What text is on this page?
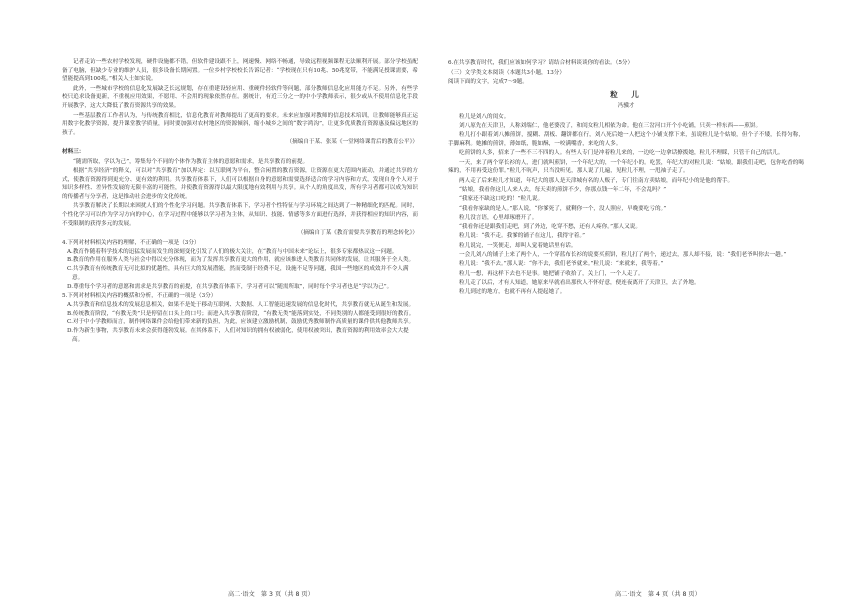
记者走访一些农村学校发现，硬件设施都不错，但软件建设跟不上，网速慢、网络不畅通，导致远程视频课程无法顺利开展。部分学校虽配备了电脑，但缺少专业的维护人员，很多设备长期闲置。一位乡村学校校长告诉记者：“学校现在只有10兆、50兆宽带，不能满足授课需要，希望能提高到100兆。”相关人士如实说。

此外，一些城市学校的信息化发展缺乏长远规划，存在重建设轻应用、重硬件轻软件等问题，部分教师信息化应用能力不足。另外，有些学校只追求设备更新，不重视应用效果，不愿用、不会用的现象依然存在。据统计，有近三分之一的中小学教师表示，很少或从不使用信息化手段开展教学，这大大降低了教育资源共享的效果。

一些基层教育工作者认为，与传统教育相比，信息化教育对教师提出了更高的要求。未来应加强对教师的信息技术培训，让教师能够真正运用数字化教学资源，提升课堂教学质量，同时要加强对农村地区的资源倾斜，缩小城乡之间的“数字鸿沟”，让更多优质教育资源惠及偏远地区的孩子。

（摘编自于某、张某《一堂网络课背后的教育公平》）

材料三：

“随需所取，学以为己”，筹集每个不同的个体作为教育主体的意愿和需求，是共享教育的前提。

根据“共享经济”的释义，可以对“共享教育”加以界定：以互联网为平台，整合闲置的教育资源，让资源在更大范围内流动，并通过共享的方式，使教育资源得到更充分、更有效的利用。共享教育体系下，人们可以根据自身的意愿和需要选择适合的学习内容和方式，发现自身个人对于知识多样性、差异性发展的无限丰富的可能性，并使教育资源得以最大限度地有效利用与共享。从个人的角度出发，所有学习者都可以成为知识的传播者与分享者，这是推动社会进步的文化传统。

共享教育解决了长期以来困扰人们的个性化学习问题。共享教育体系下，学习者个性特征与学习环境之间达到了一种精细化的匹配。同时，个性化学习可以作为学习方向的中心，在学习过程中能够以学习者为主体，从知识、技能、情感等多方面进行选择，并获得相应的知识内容，而不受限制的获得多元的发展。

（摘编自丁某《教育需要共享教育的理念转化》）

4.下列对材料相关内容的理解，不正确的一项是（3分）

A.教育作随着科学技术的迅猛发展而发生的深刻变化引发了人们的极大关注，在“教育与中国未来”论坛上，很多专家都热议这一问题。

B.教育的作用在服务人类与社会中得以充分体现，而为了发挥共享教育更大的作用，就应该推进人类教育共同体的发展，让其服务于全人类。

C.共享教育有传统教育无可比拟的优越性，具有巨大的发展潜能，然而受制于经费不足，设施不足等问题，我国一些地区的成效并不令人满意。

D.尊重每个学习者的意愿和需求是共享教育的前提，在共享教育体系下，学习者可以“随需所取”，同时每个学习者也是“学以为己”。

5.下列对材料相关内容的概括和分析，不正确的一项是（3分）

A.共享教育和信息技术的发展息息相关，如果不是处于移动互联网、大数据、人工智能迅速发展的信息化时代，共享教育就无从诞生和发展。

B.传统教育阶段，“有教无类”只是停留在口头上的口号；而进入共享教育阶段，“有教无类”能落到实处，不同类别的人都能受到很好的教育。

C.对于中小学教师而言，制作网络课件会给他们带来新的负担，为此，应该建立激励机制，鼓励优秀教师制作高质量的课件供其他教师共享。

D.作为新生事物，共享教育未来会获得蓬勃发展。在其体系下，人们对知识的拥有权被弱化，使用权被突出，教育资源的利用效率会大大提高。

6.在共享教育时代，我们应该如何学习？请结合材料谈谈你的看法。（5分）

（三）文学类文本阅读（本题共3小题，13分）

阅读下面的文字，完成7～9题。

粒　儿

冯骥才

粒儿是刘八的闺女。

刘八原先在天津卫，人称刘端仁，他老婆没了，和闺女粒儿相依为命。他在三岔河口开个小吃铺，只卖一样东西——煎饼。

粒儿打小跟着刘八摊煎饼，搅糊、刮板、翻饼都在行，刘八死后她一人把这个小铺支撑下来，虽说粒儿是个姑娘，但个子不矮，长得匀称，手脚麻利。她摊的煎饼，薄如纸，脆如酥，一咬满嘴香，来吃的人多。

吃煎饼的人多，招来了一些不三不四的人。有些人专门是冲着粒儿来的，一边吃一边拿话撩拨她，粒儿不理睬，只管干自己的活儿。

一天，来了两个穿长衫的人，进门就叫煎饼，一个年纪大的，一个年纪小的。吃罢，年纪大的对粒儿说：“姑娘，跟我们走吧，包你吃香的喝辣的，不用再受这份罪。”粒儿不吭声，只当没听见，那人说了几遍，见粒儿不理，一甩袖子走了。

两人走了后来粒儿才知道，年纪大的那人是天津城有名的人贩子，专门往南方卖姑娘，而年纪小的是他的帮手。

“姑娘，我看你这儿人来人去，每天卖的煎饼不少，你那点钱一年二年，不会乱吗？”

“我家还不缺这口吃的！”粒儿说。

“我看你家缺的是人。”那人说，“你爹死了，就剩你一个，没人照应，早晚要吃亏的。”

粒儿没言语，心里却琢磨开了。

“我看你还是跟我们走吧，到了外边，吃穿不愁，还有人疼你。”那人又说。

粒儿说：“我不走。我爹的铺子在这儿，我得守着。”

粒儿说完，一笑便走，却叫人觉着她话里有话。

一会儿刘八的铺子上来了两个人，一个穿蓝布长衫的说要买煎饼，粒儿打了两个，递过去，那人却不接，说：“我们老爷叫你去一趟。”

粒儿说：“我不去。”那人说：“你不去，我们老爷就来。”粒儿说：“来就来，我等着。”

粒儿一想，再这样下去也不是事。她把铺子收拾了，关上门，一个人走了。

粒儿走了以后，才有人知道，她原来早就看出那伙人不怀好意，便连夜离开了天津卫，去了外地。

粒儿到过的地方，也就不再有人提起她了。

高二·语文　第 3 页（共 8 页）	高二·语文　第 4 页（共 8 页）
